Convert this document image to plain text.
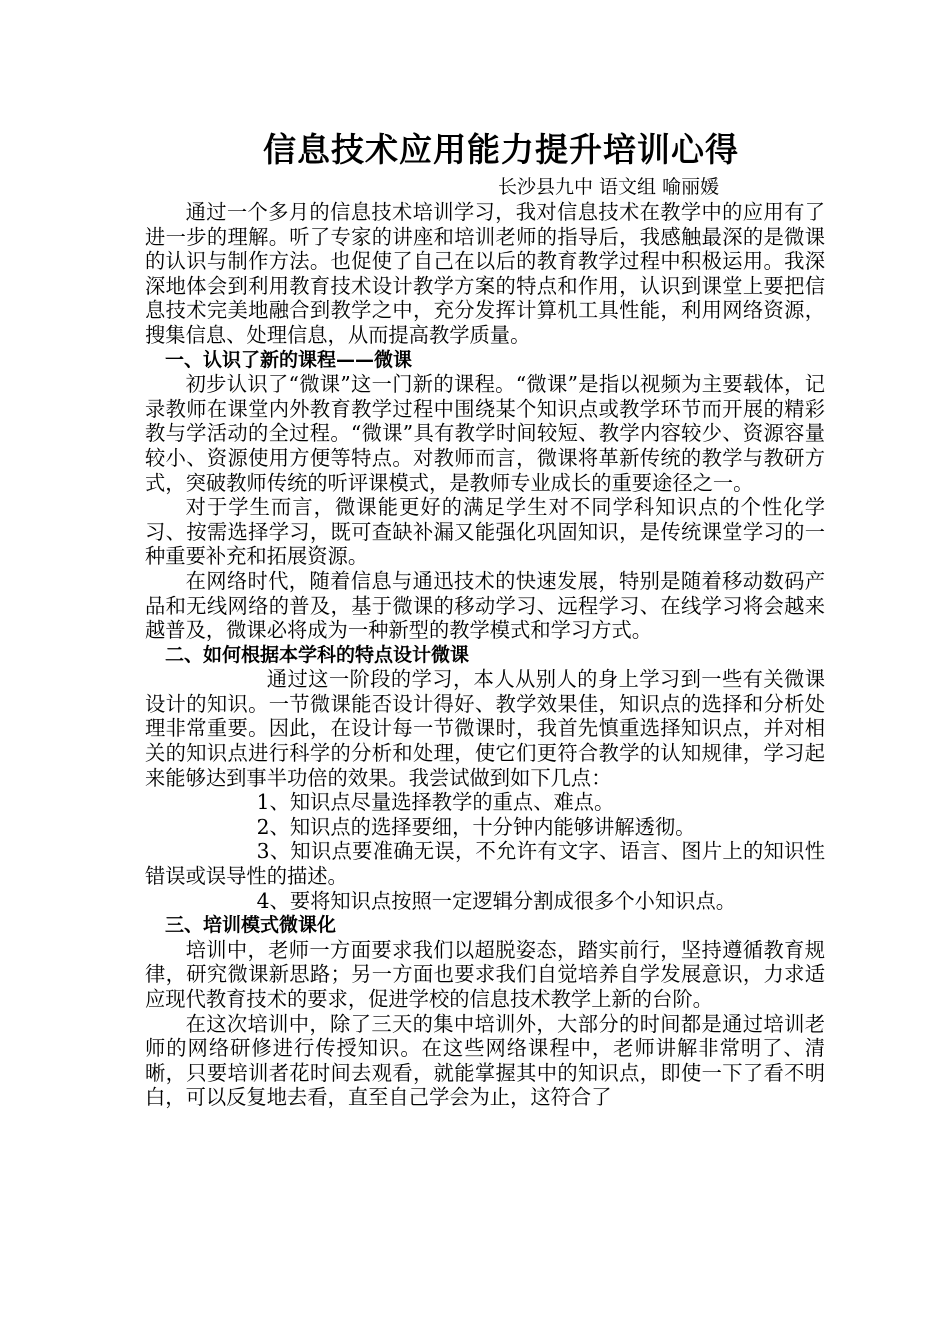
信息技术应用能力提升培训心得
长沙县九中 语文组 喻丽媛

通过一个多月的信息技术培训学习，我对信息技术在教学中的应用有了进一步的理解。听了专家的讲座和培训老师的指导后，我感触最深的是微课的认识与制作方法。也促使了自己在以后的教育教学过程中积极运用。我深深地体会到利用教育技术设计教学方案的特点和作用，认识到课堂上要把信息技术完美地融合到教学之中，充分发挥计算机工具性能，利用网络资源，搜集信息、处理信息，从而提高教学质量。

一、认识了新的课程——微课

初步认识了“微课”这一门新的课程。“微课”是指以视频为主要载体，记录教师在课堂内外教育教学过程中围绕某个知识点或教学环节而开展的精彩教与学活动的全过程。“微课”具有教学时间较短、教学内容较少、资源容量较小、资源使用方便等特点。对教师而言，微课将革新传统的教学与教研方式，突破教师传统的听评课模式，是教师专业成长的重要途径之一。

对于学生而言，微课能更好的满足学生对不同学科知识点的个性化学习、按需选择学习，既可查缺补漏又能强化巩固知识，是传统课堂学习的一种重要补充和拓展资源。

在网络时代，随着信息与通迅技术的快速发展，特别是随着移动数码产品和无线网络的普及，基于微课的移动学习、远程学习、在线学习将会越来越普及，微课必将成为一种新型的教学模式和学习方式。

二、如何根据本学科的特点设计微课

通过这一阶段的学习，本人从别人的身上学习到一些有关微课设计的知识。一节微课能否设计得好、教学效果佳，知识点的选择和分析处理非常重要。因此，在设计每一节微课时，我首先慎重选择知识点，并对相关的知识点进行科学的分析和处理，使它们更符合教学的认知规律，学习起来能够达到事半功倍的效果。我尝试做到如下几点：

1、知识点尽量选择教学的重点、难点。

2、知识点的选择要细，十分钟内能够讲解透彻。

3、知识点要准确无误，不允许有文字、语言、图片上的知识性错误或误导性的描述。

4、要将知识点按照一定逻辑分割成很多个小知识点。

三、培训模式微课化

培训中，老师一方面要求我们以超脱姿态，踏实前行，坚持遵循教育规律，研究微课新思路；另一方面也要求我们自觉培养自学发展意识，力求适应现代教育技术的要求，促进学校的信息技术教学上新的台阶。

在这次培训中，除了三天的集中培训外，大部分的时间都是通过培训老师的网络研修进行传授知识。在这些网络课程中，老师讲解非常明了、清晰，只要培训者花时间去观看，就能掌握其中的知识点，即使一下了看不明白，可以反复地去看，直至自己学会为止，这符合了
